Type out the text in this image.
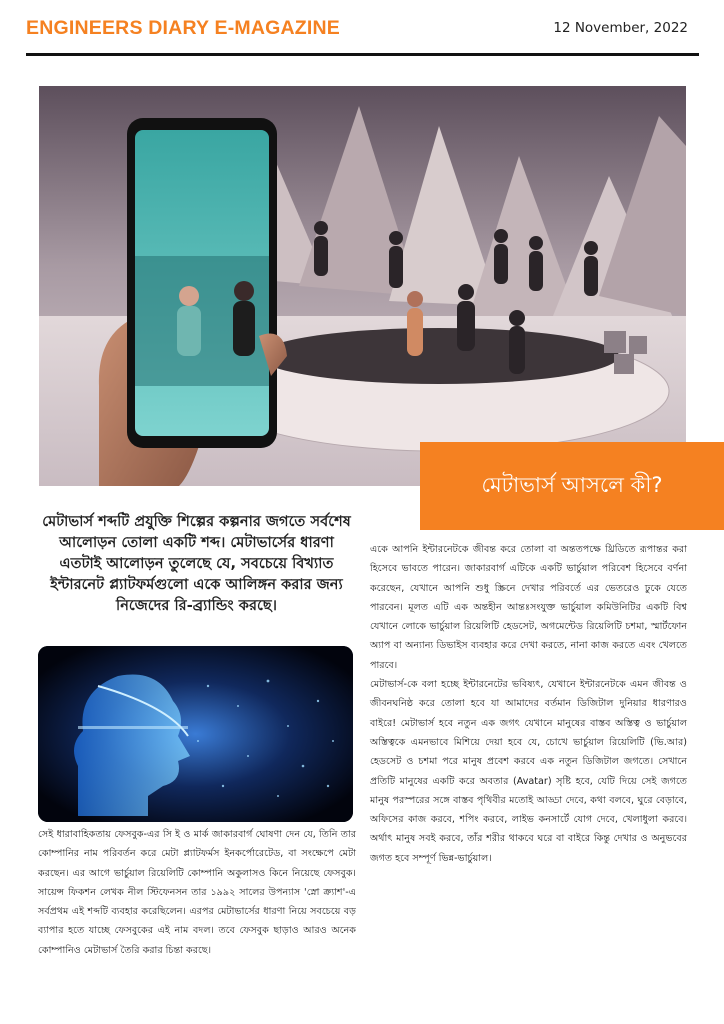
ENGINEERS DIARY E-MAGAZINE	12 November, 2022
মেটাভার্স আসলে কী?
মেটাভার্স শব্দটি প্রযুক্তি শিল্পের কল্পনার জগতে সর্বশেষ আলোড়ন তোলা একটি শব্দ। মেটাভার্সের ধারণা এতটাই আলোড়ন তুলেছে যে, সবচেয়ে বিখ্যাত ইন্টারনেট প্ল্যাটফর্মগুলো একে আলিঙ্গন করার জন্য নিজেদের রি-ব্র্যান্ডিং করছে।
সেই ধারাবাহিকতায় ফেসবুক-এর সি ই ও মার্ক জাকারবার্গ ঘোষণা দেন যে, তিনি তার কোম্পানির নাম পরিবর্তন করে মেটা প্ল্যাটফর্মস ইনকর্পোরেটেড, বা সংক্ষেপে মেটা করছেন। এর আগে ভার্চুয়াল রিয়েলিটি কোম্পানি অকুলাসও কিনে নিয়েছে ফেসবুক। সায়েন্স ফিকশন লেখক নীল স্টিফেনসন তার ১৯৯২ সালের উপন্যাস 'স্নো ক্র্যাশ'-এ সর্বপ্রথম এই শব্দটি ব্যবহার করেছিলেন। এরপর মেটাভার্সের ধারণা নিয়ে সবচেয়ে বড় ব্যাপার হতে যাচ্ছে ফেসবুকের এই নাম বদল। তবে ফেসবুক ছাড়াও আরও অনেক কোম্পানিও মেটাভার্স তৈরি করার চিন্তা করছে।

একে আপনি ইন্টারনেটকে জীবন্ত করে তোলা বা অন্ততপক্ষে থ্রিডিতে রূপান্তর করা হিসেবে ভাবতে পারেন। জাকারবার্গ এটিকে একটি ভার্চুয়াল পরিবেশ হিসেবে বর্ণনা করেছেন, যেখানে আপনি শুধু স্ক্রিনে দেখার পরিবর্তে এর ভেতরেও ঢুকে যেতে পারবেন। মূলত এটি এক অন্তহীন আন্তঃসংযুক্ত ভার্চুয়াল কমিউনিটির একটি বিশ্ব যেখানে লোকে ভার্চুয়াল রিয়েলিটি হেডসেট, অগমেন্টেড রিয়েলিটি চশমা, স্মার্টফোন অ্যাপ বা অন্যান্য ডিভাইস ব্যবহার করে দেখা করতে, নানা কাজ করতে এবং খেলতে পারবে।

মেটাভার্স-কে বলা হচ্ছে ইন্টারনেটের ভবিষ্যৎ, যেখানে ইন্টারনেটকে এমন জীবন্ত ও জীবনঘনিষ্ঠ করে তোলা হবে যা আমাদের বর্তমান ডিজিটাল দুনিয়ার ধারণারও বাইরে! মেটাভার্স হবে নতুন এক জগৎ যেখানে মানুষের বাস্তব অস্তিত্ব ও ভার্চুয়াল অস্তিত্বকে এমনভাবে মিশিয়ে দেয়া হবে যে, চোখে ভার্চুয়াল রিয়েলিটি (ভি.আর) হেডসেট ও চশমা পরে মানুষ প্রবেশ করবে এক নতুন ডিজিটাল জগতে। সেখানে প্রতিটি মানুষের একটি করে অবতার (Avatar) সৃষ্টি হবে, যেটি দিয়ে সেই জগতে মানুষ পরস্পরের সঙ্গে বাস্তব পৃথিবীর মতোই আড্ডা দেবে, কথা বলবে, ঘুরে বেড়াবে, অফিসের কাজ করবে, শপিং করবে, লাইভ কনসার্টে যোগ দেবে, খেলাধুলা করবে। অর্থাৎ মানুষ সবই করবে, তাঁর শরীর থাকবে ঘরে বা বাইরে কিন্তু দেখার ও অনুভবের জগত হবে সম্পূর্ণ ভিন্ন-ভার্চুয়াল।
